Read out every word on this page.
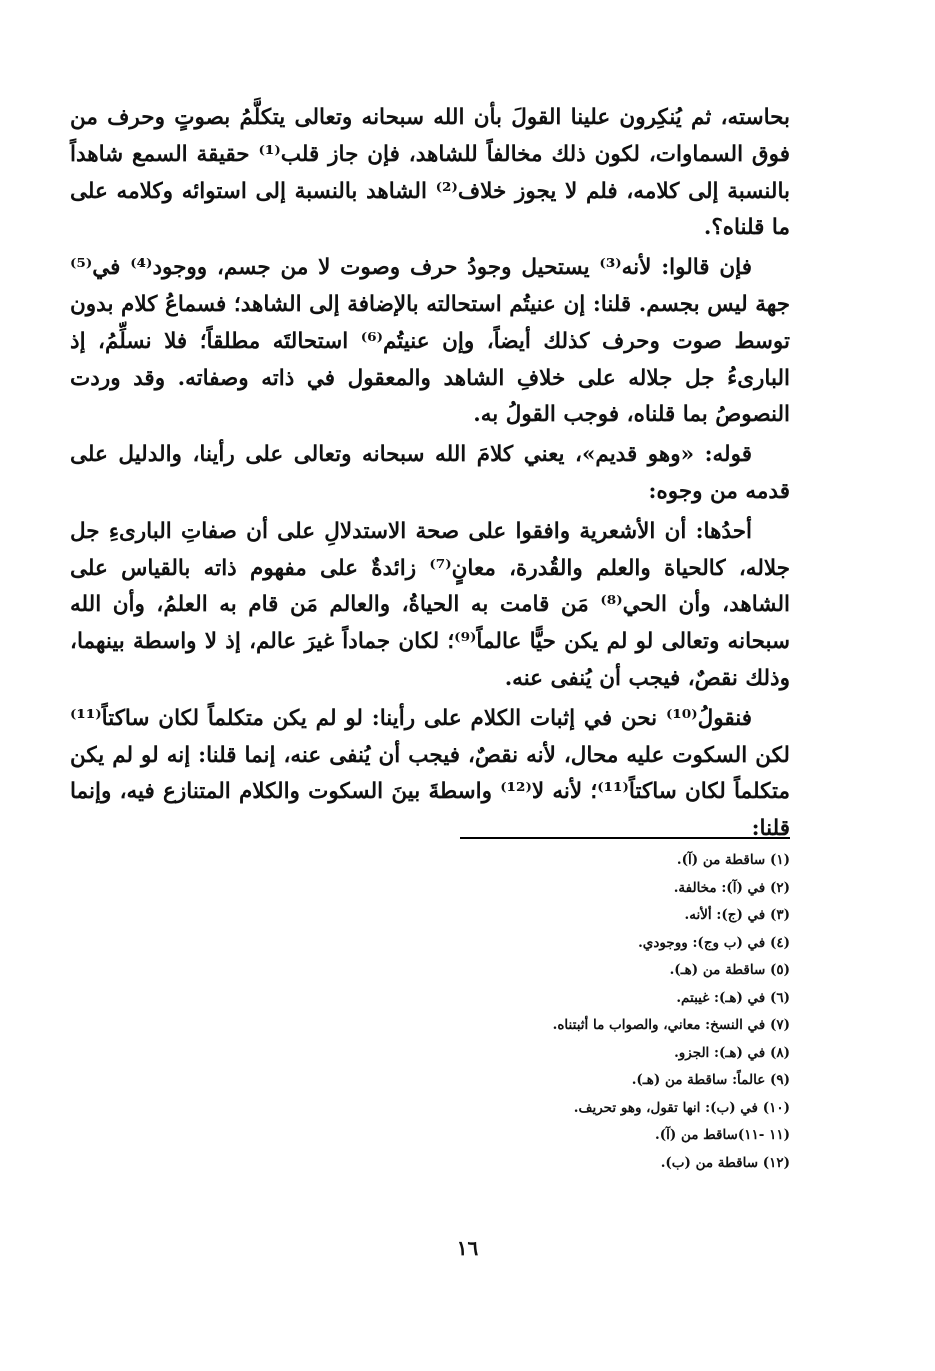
بحاسته، ثم يُنكِرون علينا القولَ بأن الله سبحانه وتعالى يتكلَّمُ بصوتٍ وحرف من فوق السماوات، لكون ذلك مخالفاً للشاهد، فإن جاز قلب⁽¹⁾ حقيقة السمع شاهداً بالنسبة إلى كلامه، فلم لا يجوز خلاف⁽²⁾ الشاهد بالنسبة إلى استوائه وكلامه على ما قلناه؟.

فإن قالوا: لأنه⁽³⁾ يستحيل وجودُ حرف وصوت لا من جسم، ووجود⁽⁴⁾ في⁽⁵⁾ جهة ليس بجسم. قلنا: إن عنيتُم استحالته بالإضافة إلى الشاهد؛ فسماعُ كلام بدون توسط صوت وحرف كذلك أيضاً، وإن عنيتُم⁽⁶⁾ استحالتَه مطلقاً؛ فلا نسلِّمُ، إذ البارىءُ جل جلاله على خلافِ الشاهد والمعقول في ذاته وصفاته. وقد وردت النصوصُ بما قلناه، فوجب القولُ به.

قوله: «وهو قديم»، يعني كلامَ الله سبحانه وتعالى على رأينا، والدليل على قدمه من وجوه:

أحدُها: أن الأشعرية وافقوا على صحة الاستدلالِ على أن صفاتِ البارىءِ جل جلاله، كالحياة والعلم والقُدرة، معانٍ⁽⁷⁾ زائدةٌ على مفهوم ذاته بالقياس على الشاهد، وأن الحي⁽⁸⁾ مَن قامت به الحياةُ، والعالم مَن قام به العلمُ، وأن الله سبحانه وتعالى لو لم يكن حيًّا عالماً⁽⁹⁾؛ لكان جماداً غيرَ عالم، إذ لا واسطة بينهما، وذلك نقصٌ، فيجب أن يُنفى عنه.

فنقولُ⁽¹⁰⁾ نحن في إثبات الكلام على رأينا: لو لم يكن متكلماً لكان ساكتاً⁽¹¹⁾ لكن السكوت عليه محال، لأنه نقصٌ، فيجب أن يُنفى عنه، إنما قلنا: إنه لو لم يكن متكلماً لكان ساكتاً⁽¹¹⁾؛ لأنه لا⁽¹²⁾ واسطةَ بينَ السكوت والكلام المتنازع فيه، وإنما قلنا:

(١) ساقطة من (آ).
(٢) في (آ): مخالفة.
(٣) في (ج): ألأنه.
(٤) في (ب وج): ووجودي.
(٥) ساقطة من (هـ).
(٦) في (هـ): غيبتم.
(٧) في النسخ: معاني، والصواب ما أثبتناه.
(٨) في (هـ): الجزو.
(٩) عالماً: ساقطة من (هـ).
(١٠) في (ب): انها تقول، وهو تحريف.
(١١ -١١)ساقط من (آ).
(١٢) ساقطة من (ب).
١٦
